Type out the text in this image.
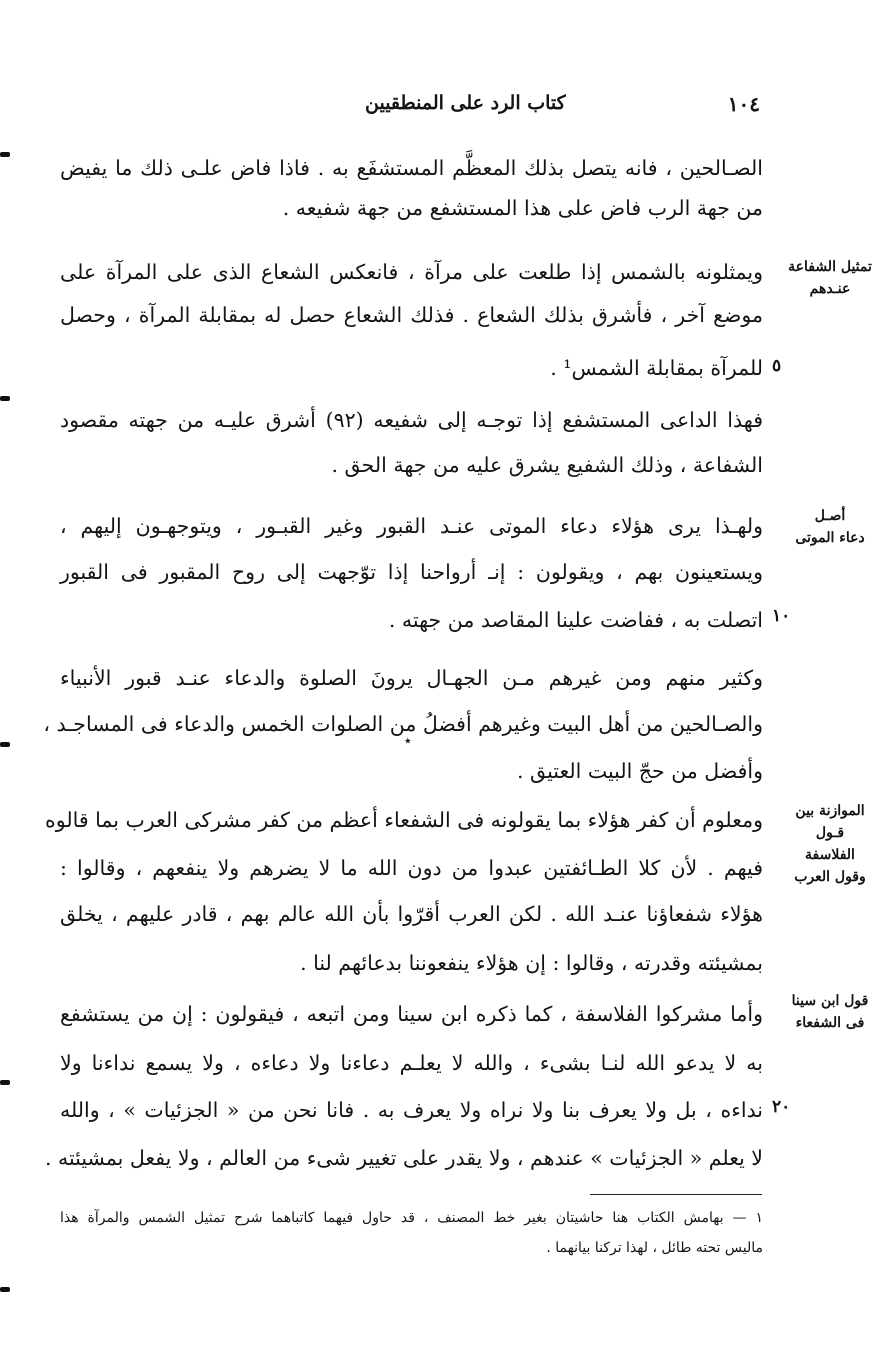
كتاب الرد على المنطقيين	١٠٤
الصـالحين ، فانه يتصل بذلك المعظَّم المستشفَع به . فاذا فاض علـى ذلك ما يفيض
من جهة الرب فاض على هذا المستشفع من جهة شفيعه .
ويمثلونه بالشمس إذا طلعت على مرآة ، فانعكس الشعاع الذى على المرآة على
موضع آخر ، فأشرق بذلك الشعاع . فذلك الشعاع حصل له بمقابلة المرآة ، وحصل
للمرآة بمقابلة الشمس¹ .
فهذا الداعى المستشفع إذا توجـه إلى شفيعه (٩٢) أشرق عليـه من جهته مقصود
الشفاعة ، وذلك الشفيع يشرق عليه من جهة الحق .
ولهـذا يرى هؤلاء دعاء الموتى عنـد القبور وغير القبـور ، ويتوجهـون إليهم ،
ويستعينون بهم ، ويقولون : إنـ أرواحنا إذا توّجهت إلى روح المقبور فى القبور
اتصلت به ، ففاضت علينا المقاصد من جهته .
وكثير منهم ومن غيرهم مـن الجهـال يرونَ الصلوة والدعاء عنـد قبور الأنبياء
والصـالحين من أهل البيت وغيرهم أفضلُ من الصلوات الخمس والدعاء فى المساجـد ،
وأفضل من حجّ البيت العتيق .
ومعلوم أن كفر هؤلاء بما يقولونه فى الشفعاء أعظم من كفر مشركى العرب بما قالوه
فيهم . لأن كلا الطـائفتين عبدوا من دون الله ما لا يضرهم ولا ينفعهم ، وقالوا :
هؤلاء شفعاؤنا عنـد الله . لكن العرب أقرّوا بأن الله عالم بهم ، قادر عليهم ، يخلق
بمشيئته وقدرته ، وقالوا : إن هؤلاء ينفعوننا بدعائهم لنا .
وأما مشركوا الفلاسفة ، كما ذكره ابن سينا ومن اتبعه ، فيقولون : إن من يستشفع
به لا يدعو الله لنـا بشىء ، والله لا يعلـم دعاءنا ولا دعاءه ، ولا يسمع نداءنا ولا
نداءه ، بل ولا يعرف بنا ولا نراه ولا يعرف به . فانا نحن من « الجزئيات » ، والله
لا يعلم « الجزئيات » عندهم ، ولا يقدر على تغيير شىء من العالم ، ولا يفعل بمشيئته .
٥
١٠
٢٠
تمثيل الشفاعة
عنـدهم
أصـل
دعاء الموتى
الموازنة بين
قـول
الفلاسفة
وقول العرب
قول ابن سينا
فى الشفعاء
١ — بهامش الكتاب هنا حاشيتان بغير خط المصنف ، قد حاول فيهما كاتباهما شرح تمثيل الشمس والمرآة هذا
ماليس تحته طائل ، لهذا تركنا بيانهما .
٭
